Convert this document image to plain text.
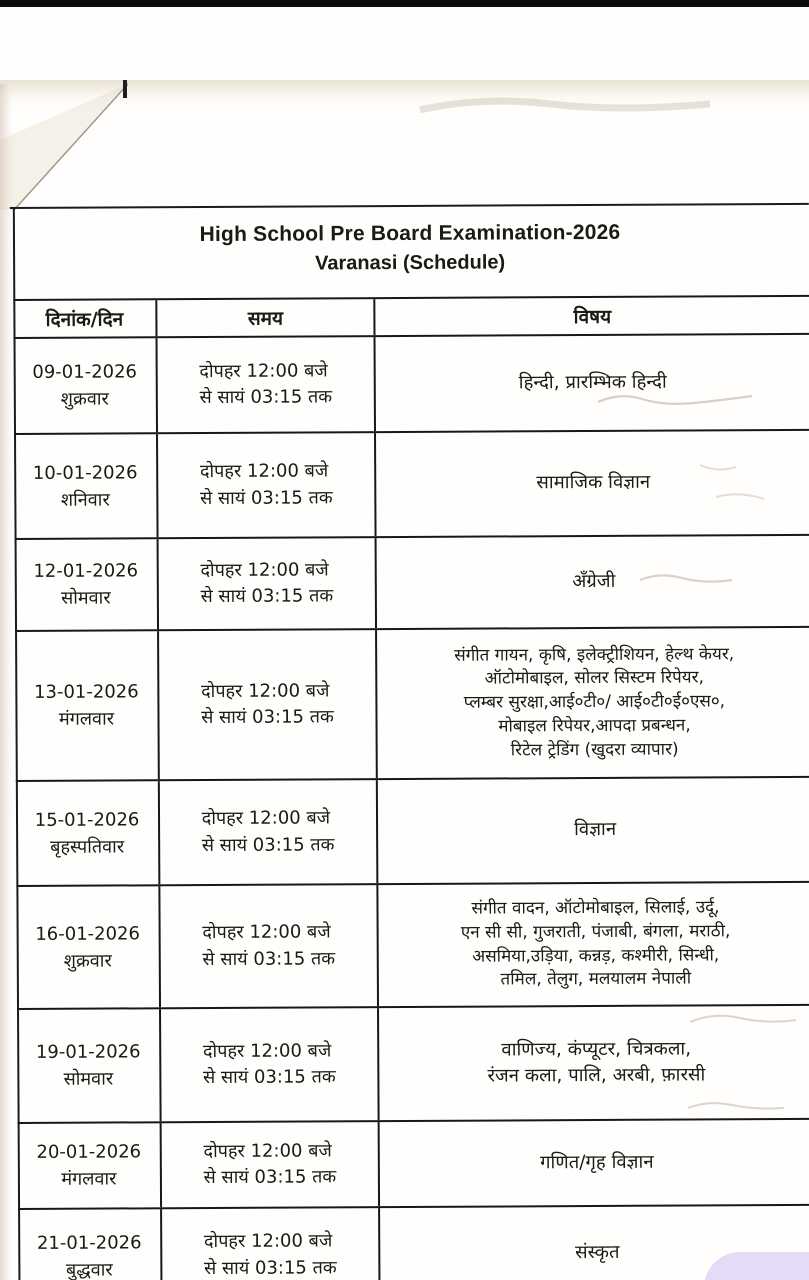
High School Pre Board Examination-2026
Varanasi (Schedule)
दिनांक/दिन	समय	विषय
09-01-2026
शुक्रवार
दोपहर 12:00 बजे
से सायं 03:15 तक
हिन्दी, प्रारम्भिक हिन्दी
10-01-2026
शनिवार
दोपहर 12:00 बजे
से सायं 03:15 तक
सामाजिक विज्ञान
12-01-2026
सोमवार
दोपहर 12:00 बजे
से सायं 03:15 तक
अँग्रेजी
13-01-2026
मंगलवार
दोपहर 12:00 बजे
से सायं 03:15 तक
संगीत गायन, कृषि, इलेक्ट्रीशियन, हेल्थ केयर,
ऑटोमोबाइल, सोलर सिस्टम रिपेयर,
प्लम्बर सुरक्षा,आई०टी०/ आई०टी०ई०एस०,
मोबाइल रिपेयर,आपदा प्रबन्धन,
रिटेल ट्रेडिंग (खुदरा व्यापार)
15-01-2026
बृहस्पतिवार
दोपहर 12:00 बजे
से सायं 03:15 तक
विज्ञान
16-01-2026
शुक्रवार
दोपहर 12:00 बजे
से सायं 03:15 तक
संगीत वादन, ऑटोमोबाइल, सिलाई, उर्दू,
एन सी सी, गुजराती, पंजाबी, बंगला, मराठी,
असमिया,उड़िया, कन्नड़, कश्मीरी, सिन्धी,
तमिल, तेलुग, मलयालम नेपाली
19-01-2026
सोमवार
दोपहर 12:00 बजे
से सायं 03:15 तक
वाणिज्य, कंप्यूटर, चित्रकला,
रंजन कला, पालि, अरबी, फ़ारसी
20-01-2026
मंगलवार
दोपहर 12:00 बजे
से सायं 03:15 तक
गणित/गृह विज्ञान
21-01-2026
बुद्धवार
दोपहर 12:00 बजे
से सायं 03:15 तक
संस्कृत
